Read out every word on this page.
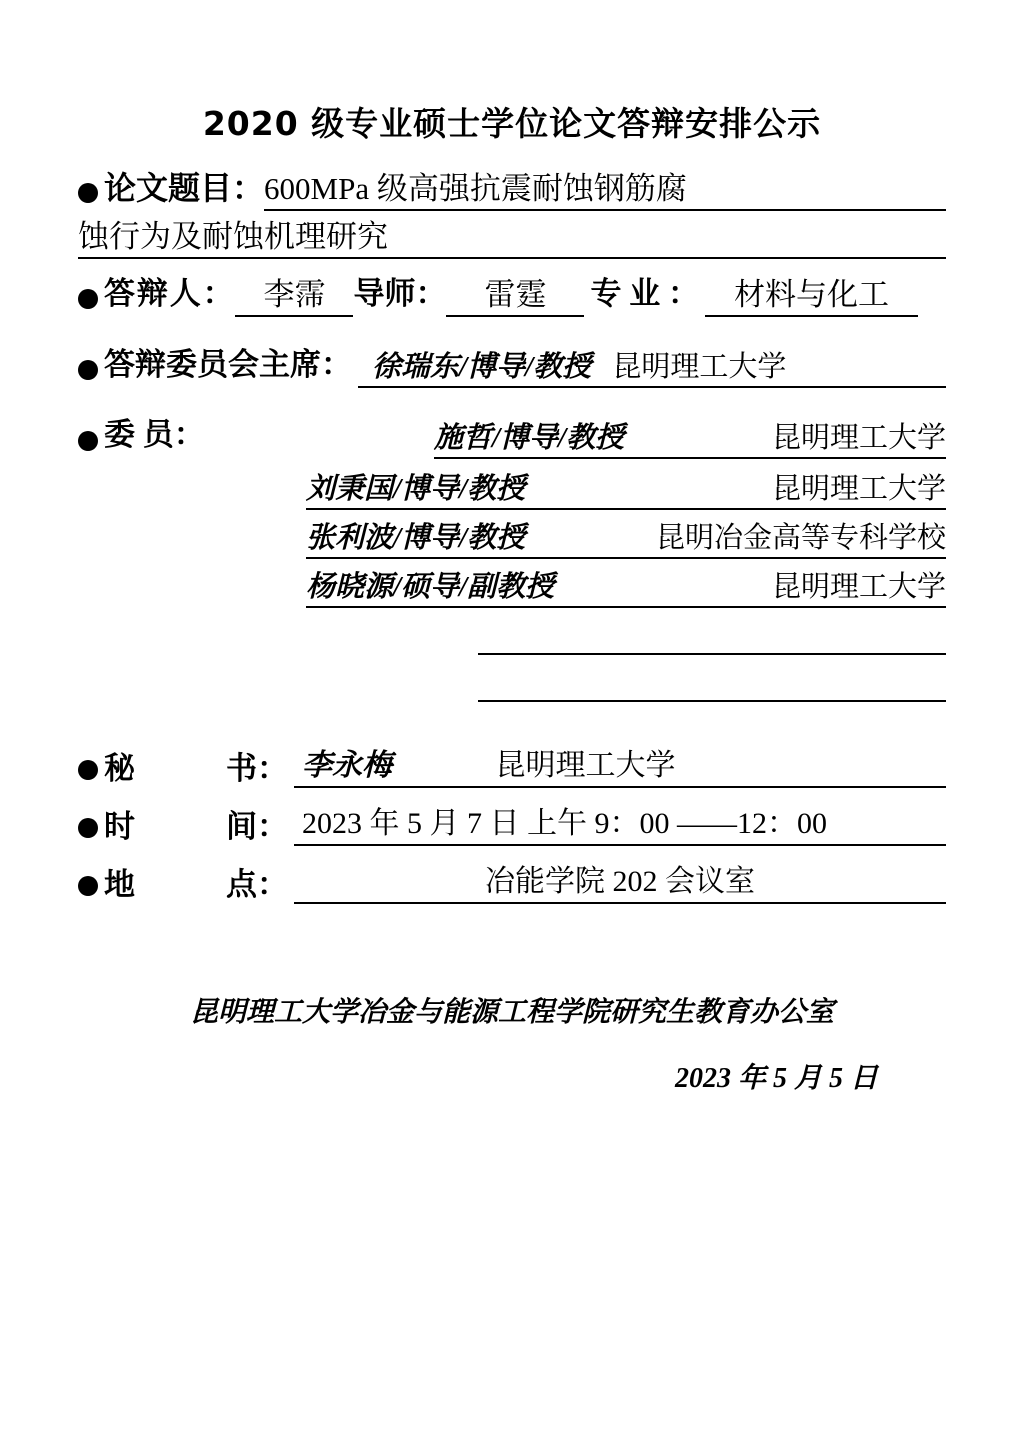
2020 级专业硕士学位论文答辩安排公示
论文题目： 600MPa 级高强抗震耐蚀钢筋腐
蚀行为及耐蚀机理研究
答辩人： 李霈 导师：	雷霆	专 业 ：	材料与化工
答辩委员会主席： 徐瑞东/博导/教授 昆明理工大学
委 员：	施哲/博导/教授	昆明理工大学
刘秉国/博导/教授	昆明理工大学
张利波/博导/教授	昆明冶金高等专科学校
杨晓源/硕导/副教授	昆明理工大学
秘	书： 李永梅	昆明理工大学
时	间： 2023 年 5 月 7 日 上午 9：00 ——12：00
地	点：	冶能学院 202 会议室
昆明理工大学冶金与能源工程学院研究生教育办公室
2023 年 5 月 5 日
